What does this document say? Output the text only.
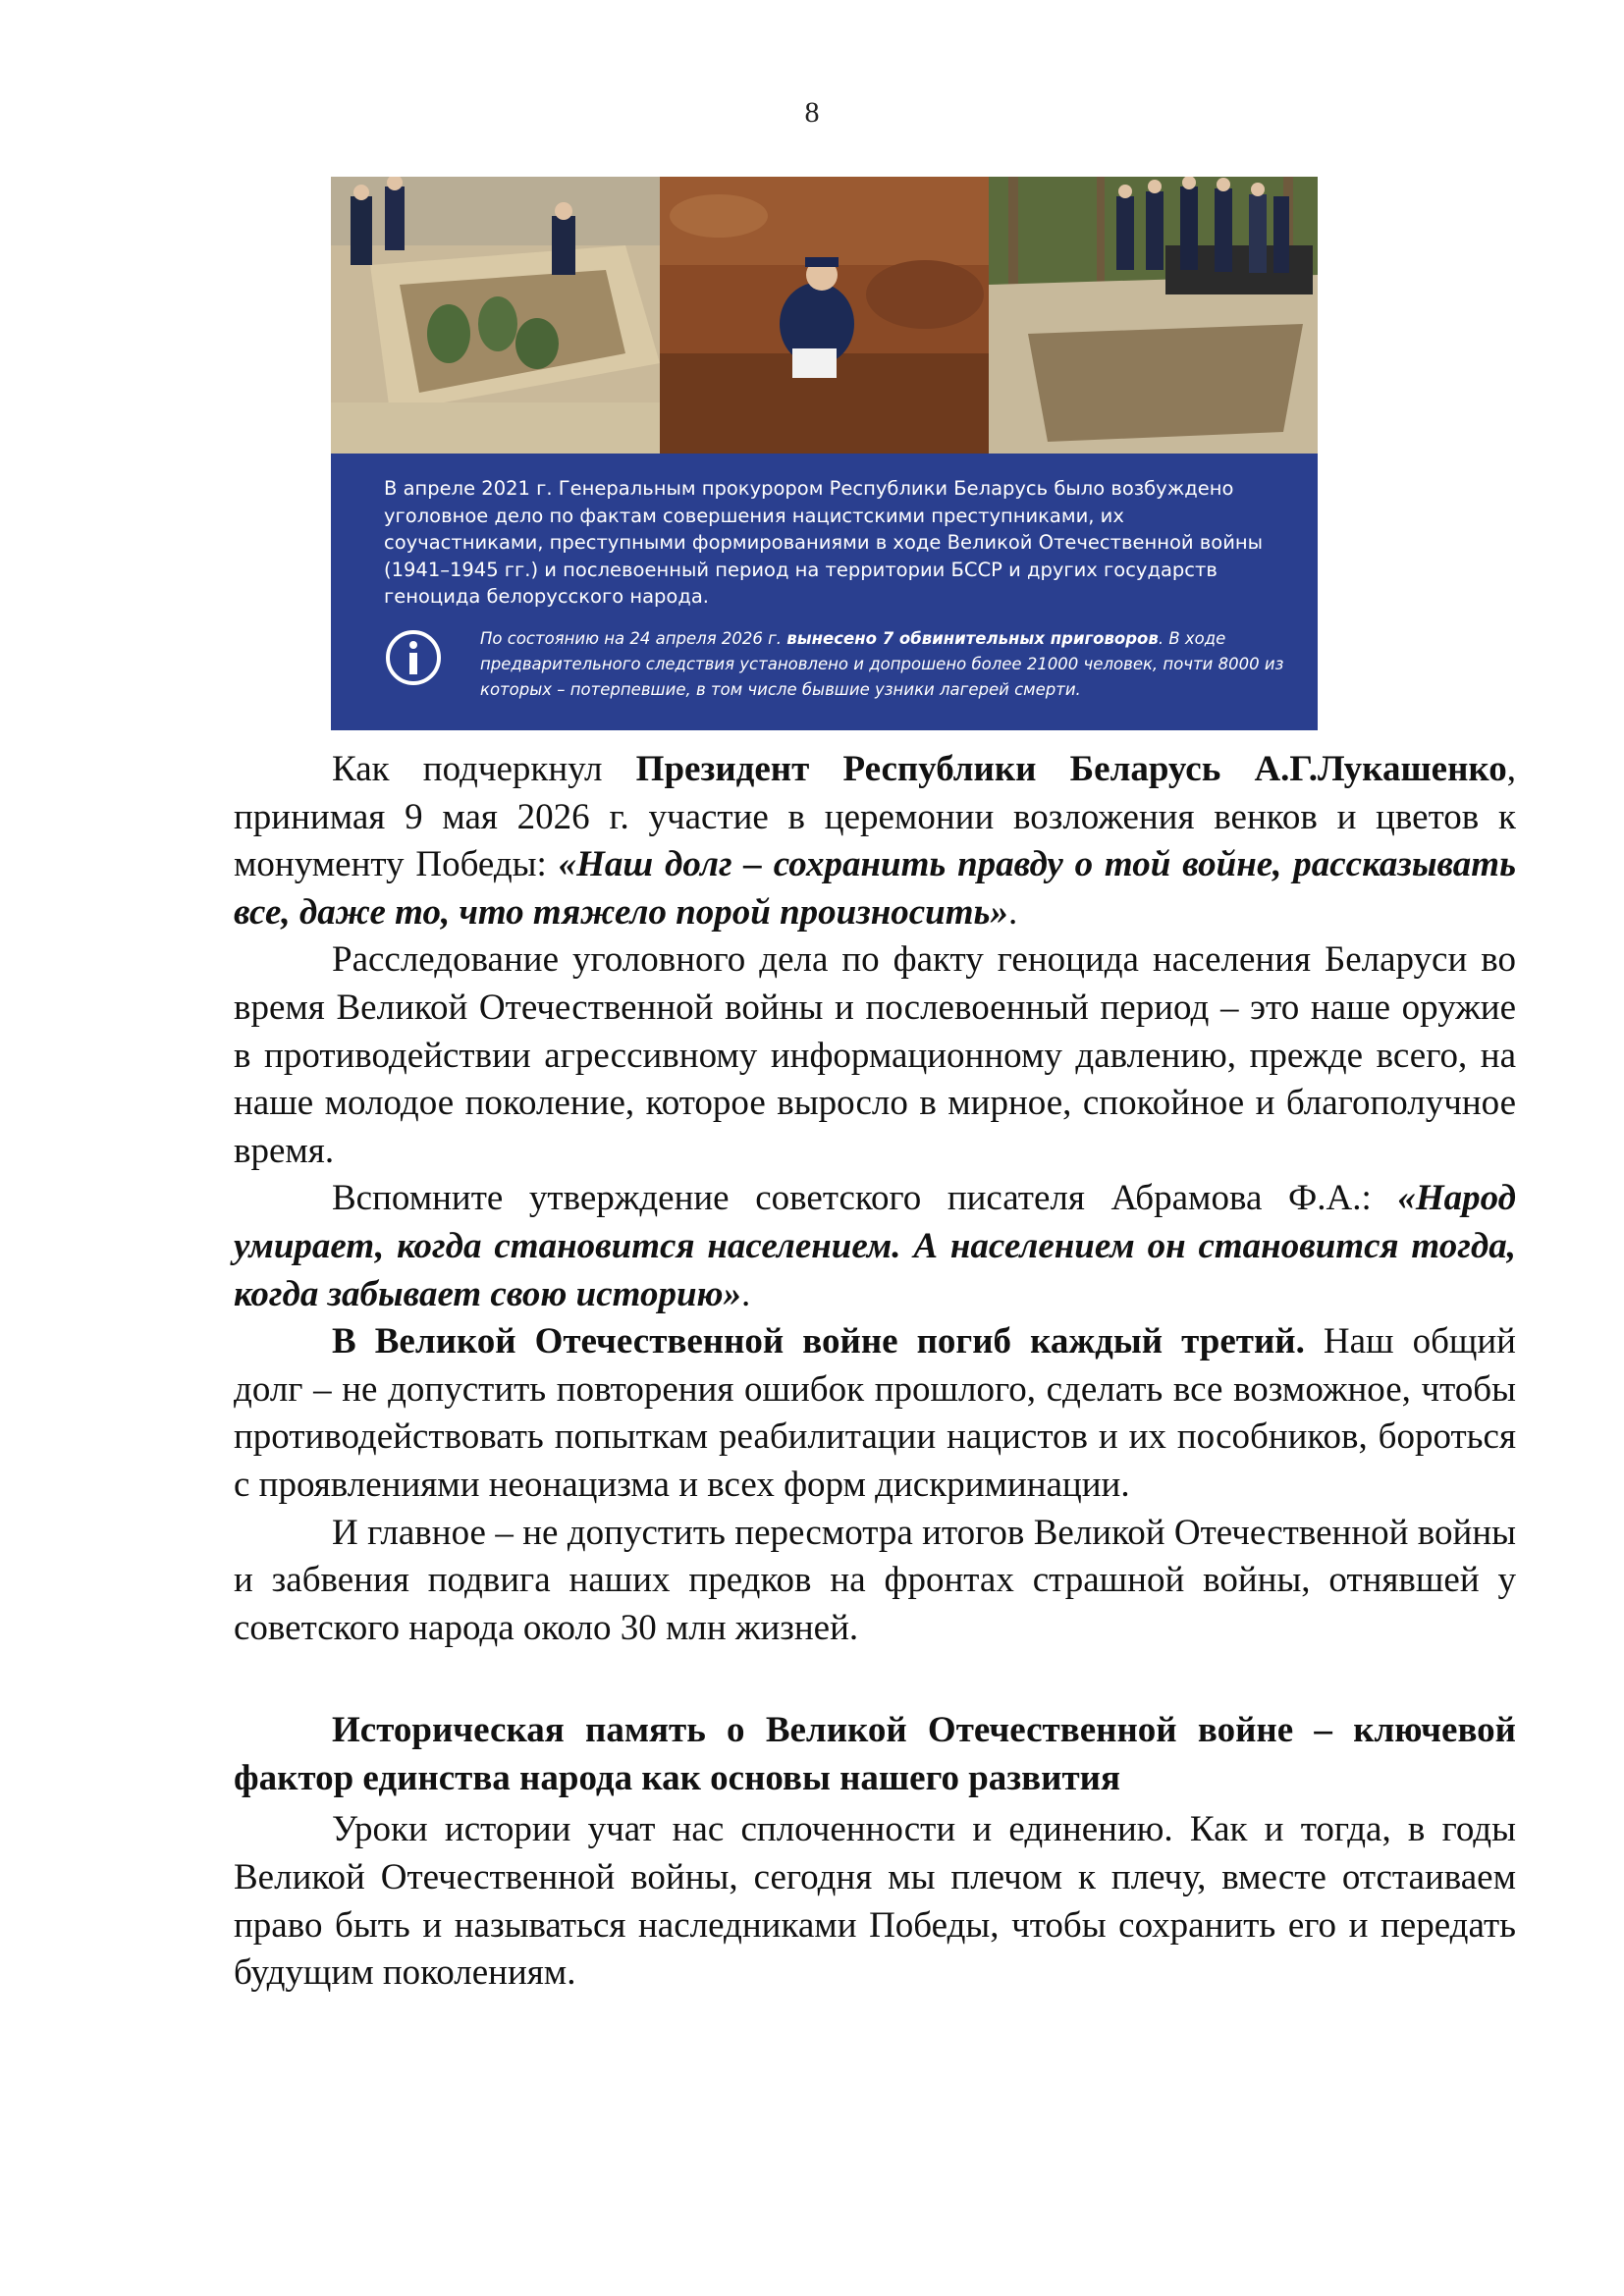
8
В апреле 2021 г. Генеральным прокурором Республики Беларусь было возбуждено уголовное дело по фактам совершения нацистскими преступниками, их соучастниками, преступными формированиями в ходе Великой Отечественной войны (1941–1945 гг.) и послевоенный период на территории БССР и других государств геноцида белорусского народа.
По состоянию на 24 апреля 2026 г. вынесено 7 обвинительных приговоров. В ходе предварительного следствия установлено и допрошено более 21000 человек, почти 8000 из которых – потерпевшие, в том числе бывшие узники лагерей смерти.

Как подчеркнул Президент Республики Беларусь А.Г.Лукашенко, принимая 9 мая 2026 г. участие в церемонии возложения венков и цветов к монументу Победы: «Наш долг – сохранить правду о той войне, рассказывать все, даже то, что тяжело порой произносить».

Расследование уголовного дела по факту геноцида населения Беларуси во время Великой Отечественной войны и послевоенный период – это наше оружие в противодействии агрессивному информационному давлению, прежде всего, на наше молодое поколение, которое выросло в мирное, спокойное и благополучное время.

Вспомните утверждение советского писателя Абрамова Ф.А.: «Народ умирает, когда становится населением. А населением он становится тогда, когда забывает свою историю».

В Великой Отечественной войне погиб каждый третий. Наш общий долг – не допустить повторения ошибок прошлого, сделать все возможное, чтобы противодействовать попыткам реабилитации нацистов и их пособников, бороться с проявлениями неонацизма и всех форм дискриминации.

И главное – не допустить пересмотра итогов Великой Отечественной войны и забвения подвига наших предков на фронтах страшной войны, отнявшей у советского народа около 30 млн жизней.

Историческая память о Великой Отечественной войне – ключевой фактор единства народа как основы нашего развития

Уроки истории учат нас сплоченности и единению. Как и тогда, в годы Великой Отечественной войны, сегодня мы плечом к плечу, вместе отстаиваем право быть и называться наследниками Победы, чтобы сохранить его и передать будущим поколениям.
